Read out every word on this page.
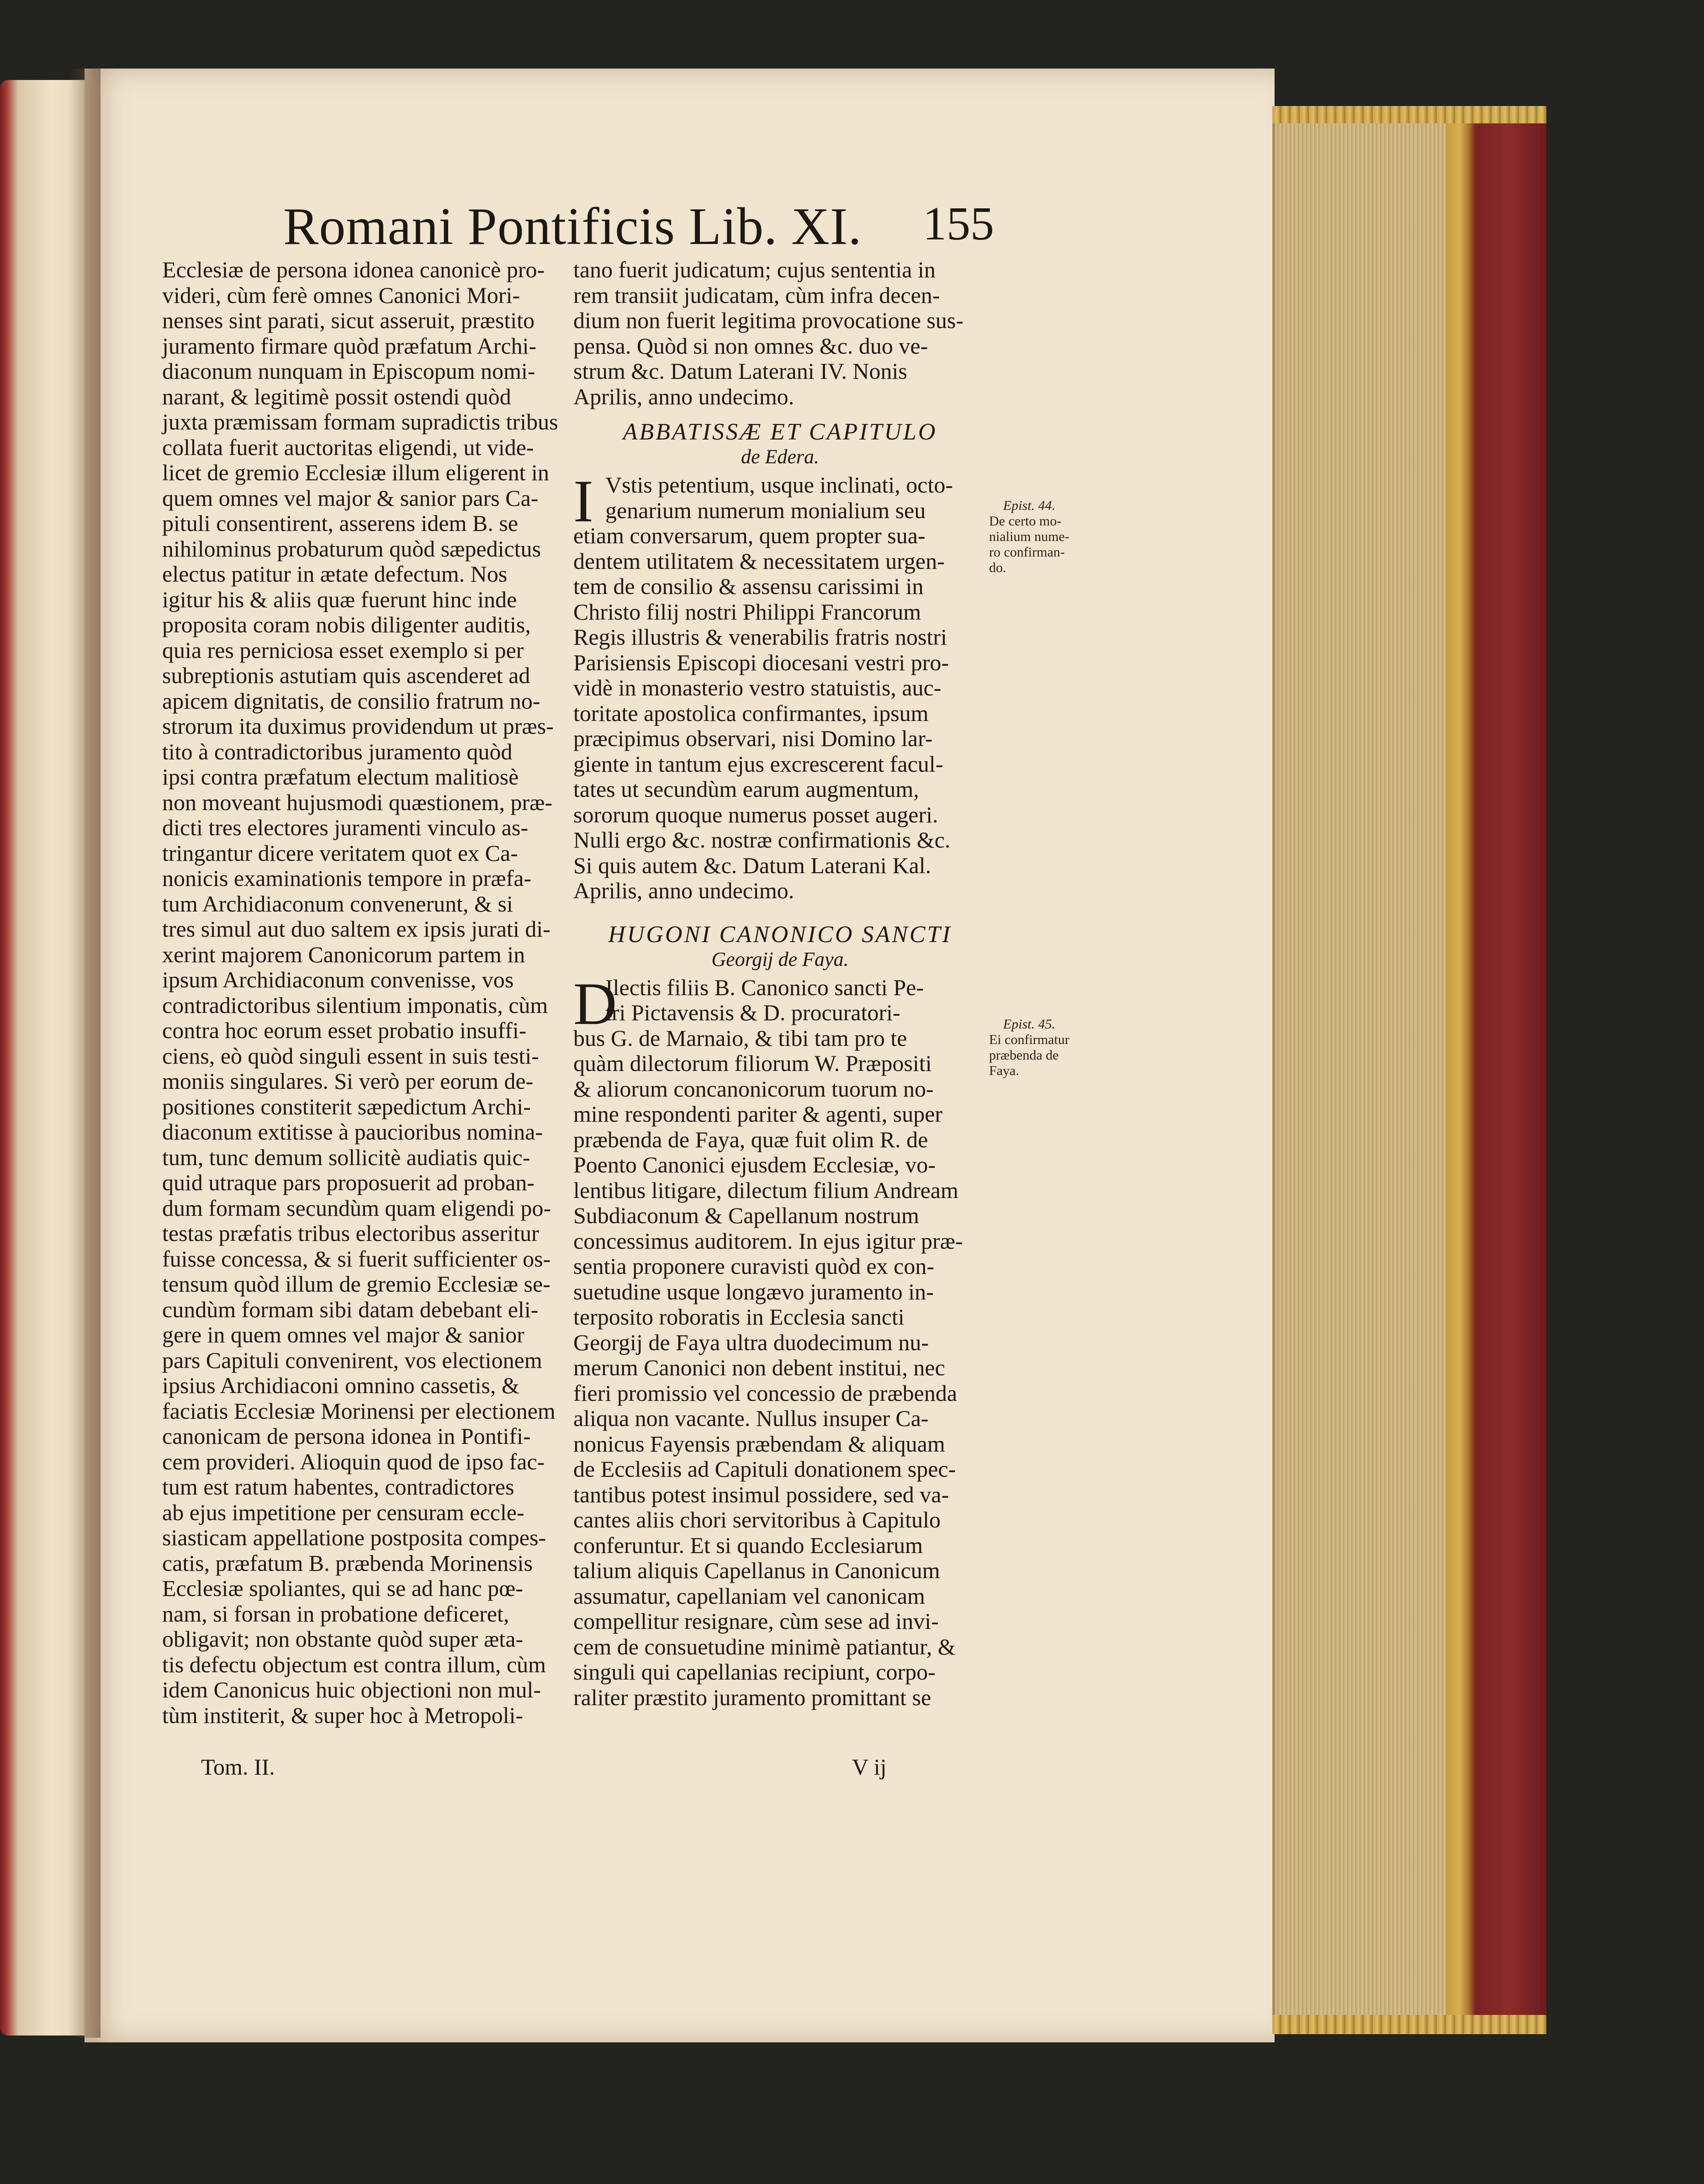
Romani Pontificis Lib. XI. 155
Ecclesiæ de persona idonea canonicè pro-
videri, cùm ferè omnes Canonici Mori-
nenses sint parati, sicut asseruit, præstito
juramento firmare quòd præfatum Archi-
diaconum nunquam in Episcopum nomi-
narant, & legitimè possit ostendi quòd
juxta præmissam formam supradictis tribus
collata fuerit auctoritas eligendi, ut vide-
licet de gremio Ecclesiæ illum eligerent in
quem omnes vel major & sanior pars Ca-
pituli consentirent, asserens idem B. se
nihilominus probaturum quòd sæpedictus
electus patitur in ætate defectum. Nos
igitur his & aliis quæ fuerunt hinc inde
proposita coram nobis diligenter auditis,
quia res perniciosa esset exemplo si per
subreptionis astutiam quis ascenderet ad
apicem dignitatis, de consilio fratrum no-
strorum ita duximus providendum ut præs-
tito à contradictoribus juramento quòd
ipsi contra præfatum electum malitiosè
non moveant hujusmodi quæstionem, præ-
dicti tres electores juramenti vinculo as-
tringantur dicere veritatem quot ex Ca-
nonicis examinationis tempore in præfa-
tum Archidiaconum convenerunt, & si
tres simul aut duo saltem ex ipsis jurati di-
xerint majorem Canonicorum partem in
ipsum Archidiaconum convenisse, vos
contradictoribus silentium imponatis, cùm
contra hoc eorum esset probatio insuffi-
ciens, eò quòd singuli essent in suis testi-
moniis singulares. Si verò per eorum de-
positiones constiterit sæpedictum Archi-
diaconum extitisse à paucioribus nomina-
tum, tunc demum sollicitè audiatis quic-
quid utraque pars proposuerit ad proban-
dum formam secundùm quam eligendi po-
testas præfatis tribus electoribus asseritur
fuisse concessa, & si fuerit sufficienter os-
tensum quòd illum de gremio Ecclesiæ se-
cundùm formam sibi datam debebant eli-
gere in quem omnes vel major & sanior
pars Capituli convenirent, vos electionem
ipsius Archidiaconi omnino cassetis, &
faciatis Ecclesiæ Morinensi per electionem
canonicam de persona idonea in Pontifi-
cem provideri. Alioquin quod de ipso fac-
tum est ratum habentes, contradictores
ab ejus impetitione per censuram eccle-
siasticam appellatione postposita compes-
catis, præfatum B. præbenda Morinensis
Ecclesiæ spoliantes, qui se ad hanc pœ-
nam, si forsan in probatione deficeret,
obligavit; non obstante quòd super æta-
tis defectu objectum est contra illum, cùm
idem Canonicus huic objectioni non mul-
tùm institerit, & super hoc à Metropoli-
tano fuerit judicatum; cujus sententia in
rem transiit judicatam, cùm infra decen-
dium non fuerit legitima provocatione sus-
pensa. Quòd si non omnes &c. duo ve-
strum &c. Datum Laterani IV. Nonis
Aprilis, anno undecimo.
ABBATISSÆ ET CAPITULO
de Edera.
I Vstis petentium, usque inclinati, octo-
genarium numerum monialium seu
etiam conversarum, quem propter sua-
dentem utilitatem & necessitatem urgen-
tem de consilio & assensu carissimi in
Christo filij nostri Philippi Francorum
Regis illustris & venerabilis fratris nostri
Parisiensis Episcopi diocesani vestri pro-
vidè in monasterio vestro statuistis, auc-
toritate apostolica confirmantes, ipsum
præcipimus observari, nisi Domino lar-
giente in tantum ejus excrescerent facul-
tates ut secundùm earum augmentum,
sororum quoque numerus posset augeri.
Nulli ergo &c. nostræ confirmationis &c.
Si quis autem &c. Datum Laterani Kal.
Aprilis, anno undecimo.
HUGONI CANONICO SANCTI
Georgij de Faya.
D
Ilectis filiis B. Canonico sancti Pe-
tri Pictavensis & D. procuratori-
bus G. de Marnaio, & tibi tam pro te
quàm dilectorum filiorum W. Præpositi
& aliorum concanonicorum tuorum no-
mine respondenti pariter & agenti, super
præbenda de Faya, quæ fuit olim R. de
Poento Canonici ejusdem Ecclesiæ, vo-
lentibus litigare, dilectum filium Andream
Subdiaconum & Capellanum nostrum
concessimus auditorem. In ejus igitur præ-
sentia proponere curavisti quòd ex con-
suetudine usque longævo juramento in-
terposito roboratis in Ecclesia sancti
Georgij de Faya ultra duodecimum nu-
merum Canonici non debent institui, nec
fieri promissio vel concessio de præbenda
aliqua non vacante. Nullus insuper Ca-
nonicus Fayensis præbendam & aliquam
de Ecclesiis ad Capituli donationem spec-
tantibus potest insimul possidere, sed va-
cantes aliis chori servitoribus à Capitulo
conferuntur. Et si quando Ecclesiarum
talium aliquis Capellanus in Canonicum
assumatur, capellaniam vel canonicam
compellitur resignare, cùm sese ad invi-
cem de consuetudine minimè patiantur, &
singuli qui capellanias recipiunt, corpo-
raliter præstito juramento promittant se
Tom. II.	V ij
Epist. 44.
De certo mo-
nialium nume-
ro confirman-
do.
Epist. 45.
Ei confirmatur
præbenda de
Faya.
